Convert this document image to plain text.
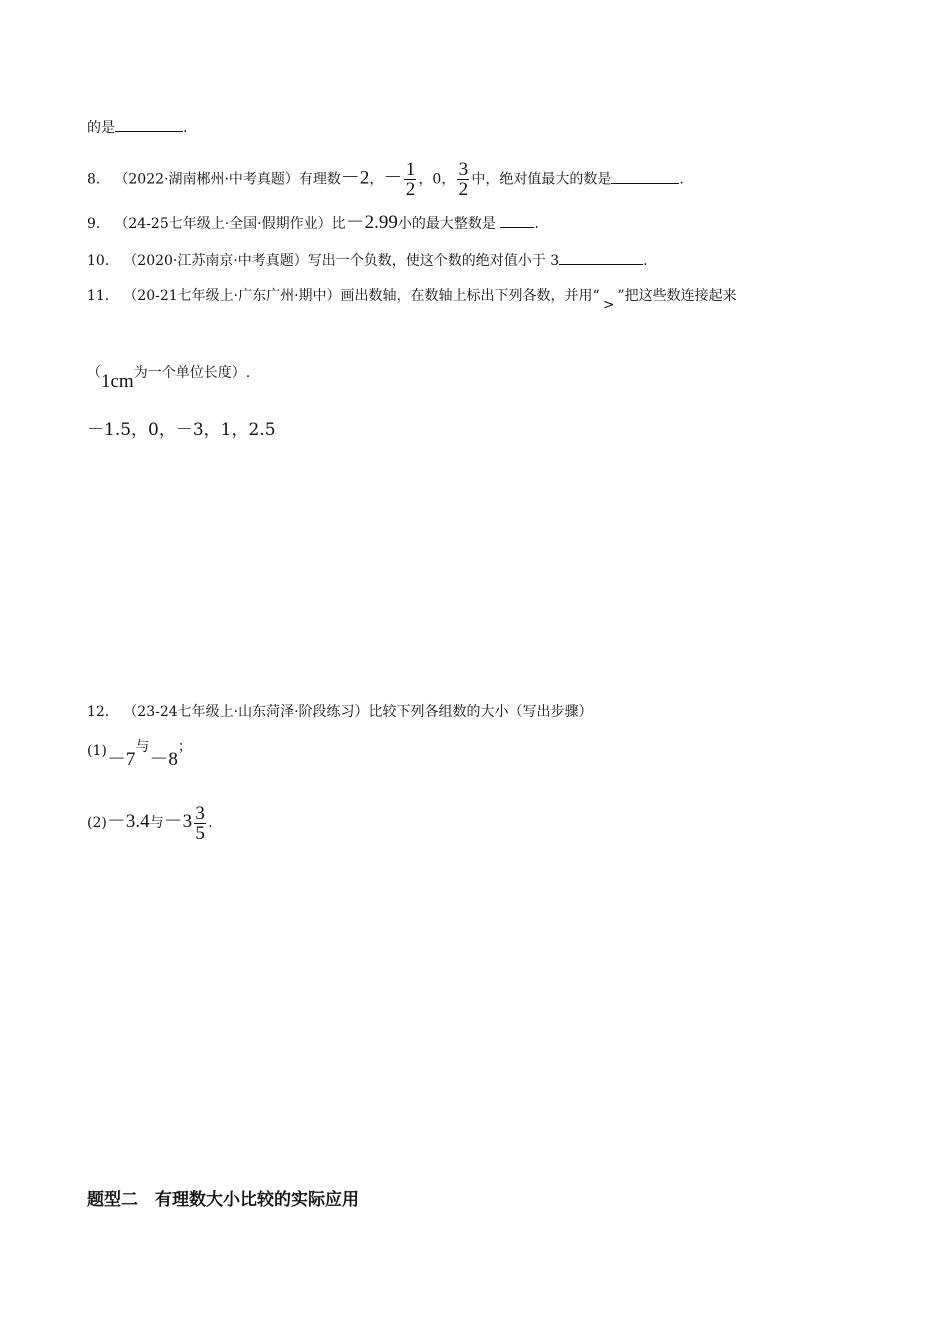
的是	.
8． （2022·湖南郴州·中考真题）有理数－2，－ $\frac{1}{2}$ ，0， $\frac{3}{2}$ 中，绝对值最大的数是	.
9． （24-25七年级上·全国·假期作业）比－2.99小的最大整数是	.
10． （2020·江苏南京·中考真题）写出一个负数，使这个数的绝对值小于 3	.
11． （20-21七年级上·广东广州·期中）画出数轴，在数轴上标出下列各数，并用“>”把这些数连接起来
（1cm为一个单位长度）.
－1.5，0，－3，1，2.5
12． （23-24七年级上·山东菏泽·阶段练习）比较下列各组数的大小（写出步骤）
(1)－7与－8；
(2)－3.4与$-3 \frac{3}{5}$ .
题型二　有理数大小比较的实际应用
